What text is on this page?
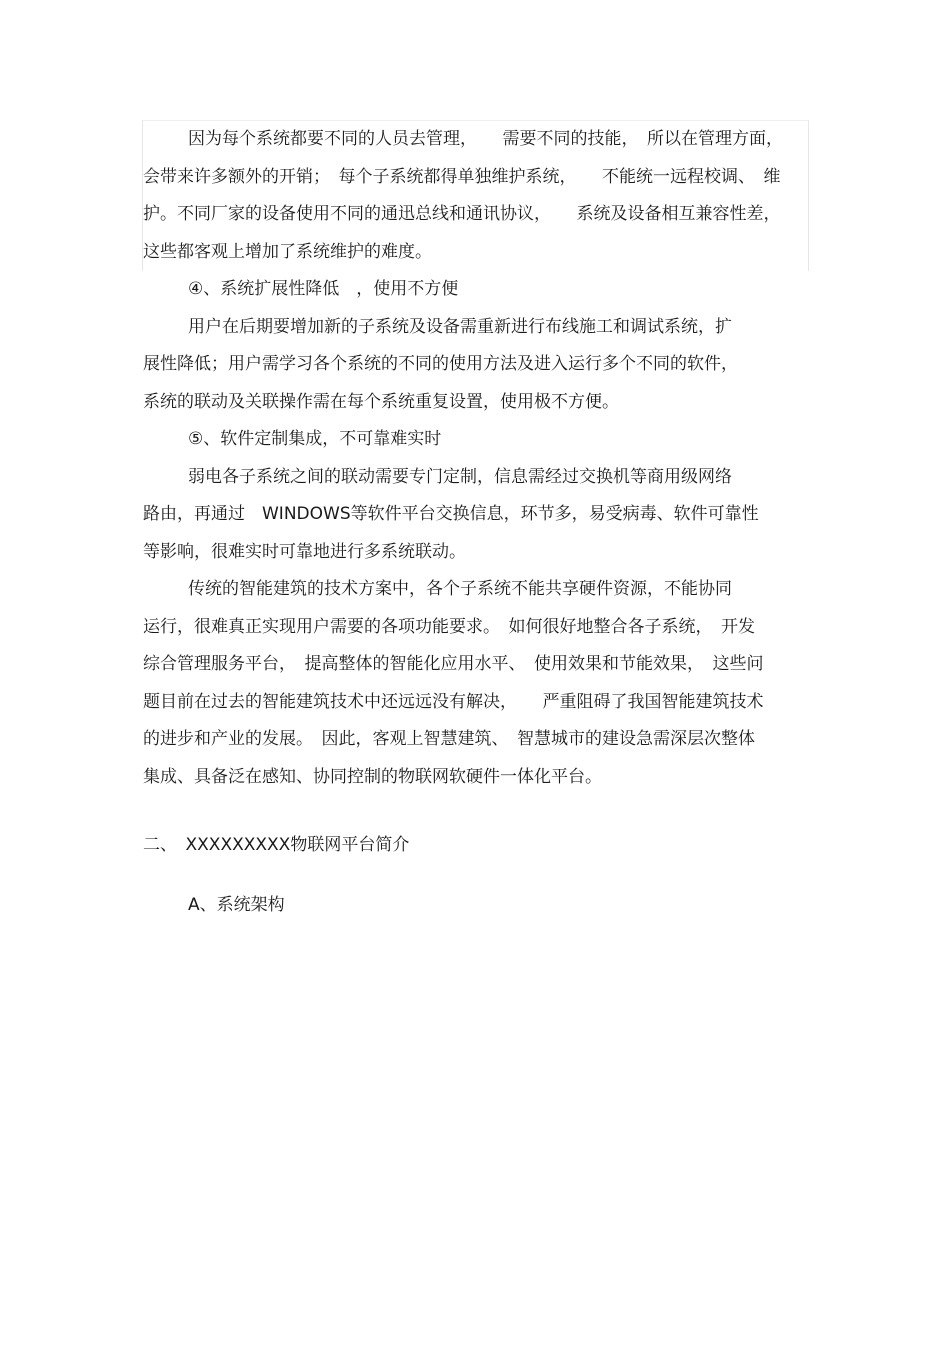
因为每个系统都要不同的人员去管理，　　需要不同的技能，　所以在管理方面，
会带来许多额外的开销；　每个子系统都得单独维护系统，　　不能统一远程校调、　维
护。不同厂家的设备使用不同的通迅总线和通讯协议，　　系统及设备相互兼容性差，
这些都客观上增加了系统维护的难度。
④、系统扩展性降低　，使用不方便
用户在后期要增加新的子系统及设备需重新进行布线施工和调试系统，扩
展性降低；用户需学习各个系统的不同的使用方法及进入运行多个不同的软件，
系统的联动及关联操作需在每个系统重复设置，使用极不方便。
⑤、软件定制集成，不可靠难实时
弱电各子系统之间的联动需要专门定制，信息需经过交换机等商用级网络
路由，再通过　WINDOWS等软件平台交换信息，环节多，易受病毒、软件可靠性
等影响，很难实时可靠地进行多系统联动。
传统的智能建筑的技术方案中，各个子系统不能共享硬件资源，不能协同
运行，很难真正实现用户需要的各项功能要求。　如何很好地整合各子系统，　开发
综合管理服务平台，　提高整体的智能化应用水平、　使用效果和节能效果，　这些问
题目前在过去的智能建筑技术中还远远没有解决，　　严重阻碍了我国智能建筑技术
的进步和产业的发展。　因此，客观上智慧建筑、　智慧城市的建设急需深层次整体
集成、具备泛在感知、协同控制的物联网软硬件一体化平台。
二、　XXXXXXXXX物联网平台简介
A、系统架构
